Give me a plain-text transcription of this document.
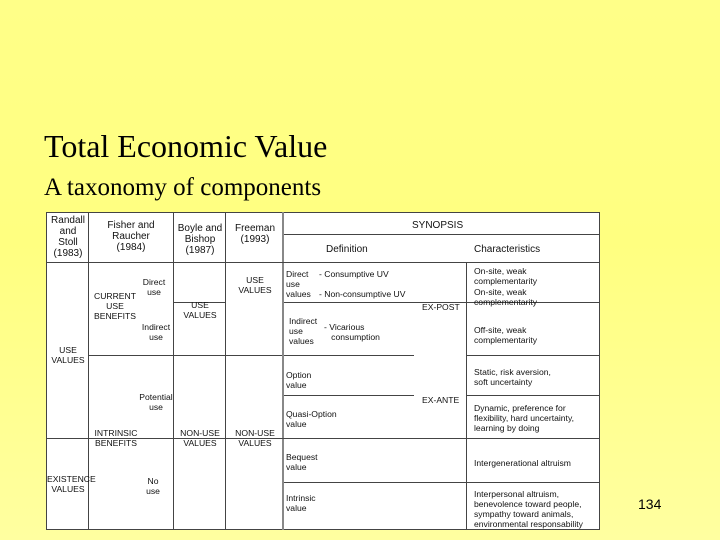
Total Economic Value
A taxonomy of components
Randall
and
Stoll
(1983)
Fisher and
Raucher
(1984)
Boyle and
Bishop
(1987)
Freeman
(1993)
SYNOPSIS
Definition	Characteristics
USE
VALUES
EXISTENCE
VALUES
CURRENT
USE
BENEFITS
Direct
use
Indirect
use
Potential
use
INTRINSIC
BENEFITS
No
use
USE
VALUES
NON-USE
VALUES
USE
VALUES
NON-USE
VALUES
Direct
use
values
- Consumptive UV

- Non-consumptive UV
Indirect
use
values
- Vicarious
consumption
Option
value
Quasi-Option
value
Bequest
value
Intrinsic
value
EX-POST
EX-ANTE
On-site, weak
complementarity
On-site, weak
complementarity
Off-site, weak
complementarity
Static, risk aversion,
soft uncertainty
Dynamic, preference for
flexibility, hard uncertainty,
learning by doing
Intergenerational altruism
Interpersonal altruism,
benevolence toward people,
sympathy toward animals,
environmental responsability
134
